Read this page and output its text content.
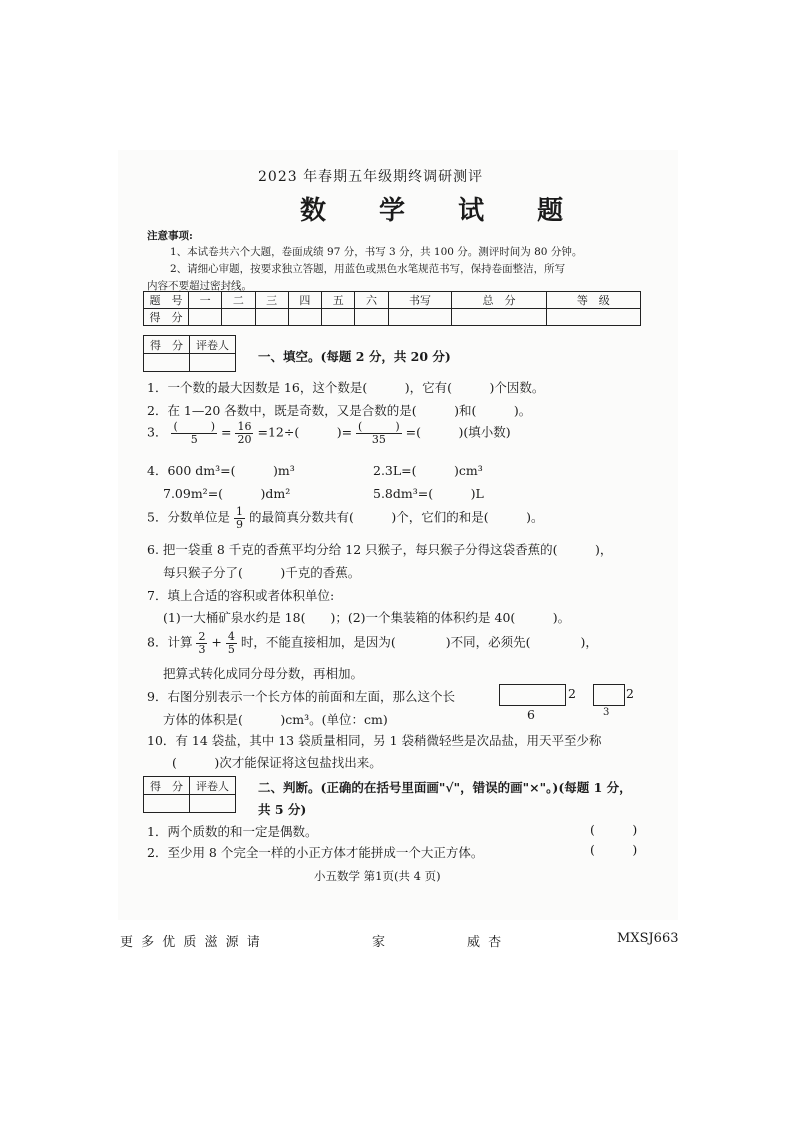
2023 年春期五年级期终调研测评
数 学 试 题
注意事项:
1、本试卷共六个大题，卷面成绩 97 分，书写 3 分，共 100 分。测评时间为 80 分钟。
2、请细心审题，按要求独立答题，用蓝色或黑色水笔规范书写，保持卷面整洁，所写
内容不要超过密封线。
题　号	一	二	三	四	五	六	书写	总　分	等　级
得　分									
得　分	评卷人

一、填空。(每题 2 分，共 20 分)
1．一个数的最大因数是 16，这个数是(　　　)，它有(　　　)个因数。
2．在 1—20 各数中，既是奇数，又是合数的是(　　　)和(　　　)。
3． $\frac{( )}{5} = \frac{16}{20} =12\div$(　　　)= $\frac{( )}{35}$ =(　　　)(填小数)
4．600 dm³=(　　　)m³	2.3L=(　　　)cm³
7.09m²=(　　　)dm²	5.8dm³=(　　　)L
5．分数单位是 $\frac{1}{9}$ 的最简真分数共有(　　　)个，它们的和是(　　　)。
6. 把一袋重 8 千克的香蕉平均分给 12 只猴子，每只猴子分得这袋香蕉的(　　　)，
每只猴子分了(　　　)千克的香蕉。
7．填上合适的容积或者体积单位:
(1)一大桶矿泉水约是 18(　　)；(2)一个集装箱的体积约是 40(　　　)。
8．计算 $\frac{2}{3} + \frac{4}{5}$ 时，不能直接相加，是因为(　　　　)不同，必须先(　　　　)，
把算式转化成同分母分数，再相加。
9．右图分别表示一个长方体的前面和左面，那么这个长
方体的体积是(　　　)cm³。(单位：cm)
2
6
2
3
10．有 14 袋盐，其中 13 袋质量相同，另 1 袋稍微轻些是次品盐，用天平至少称
(　　　)次才能保证将这包盐找出来。
得　分	评卷人
	二、判断。(正确的在括号里面画"√"，错误的画"×"。)(每题 1 分，
共 5 分)
1．两个质数的和一定是偶数。	(　　　)
2．至少用 8 个完全一样的小正方体才能拼成一个大正方体。	(　　　)
小五数学 第1页(共 4 页)
更 多 优 质 滋 源 请	家	威 杏	MXSJ663
